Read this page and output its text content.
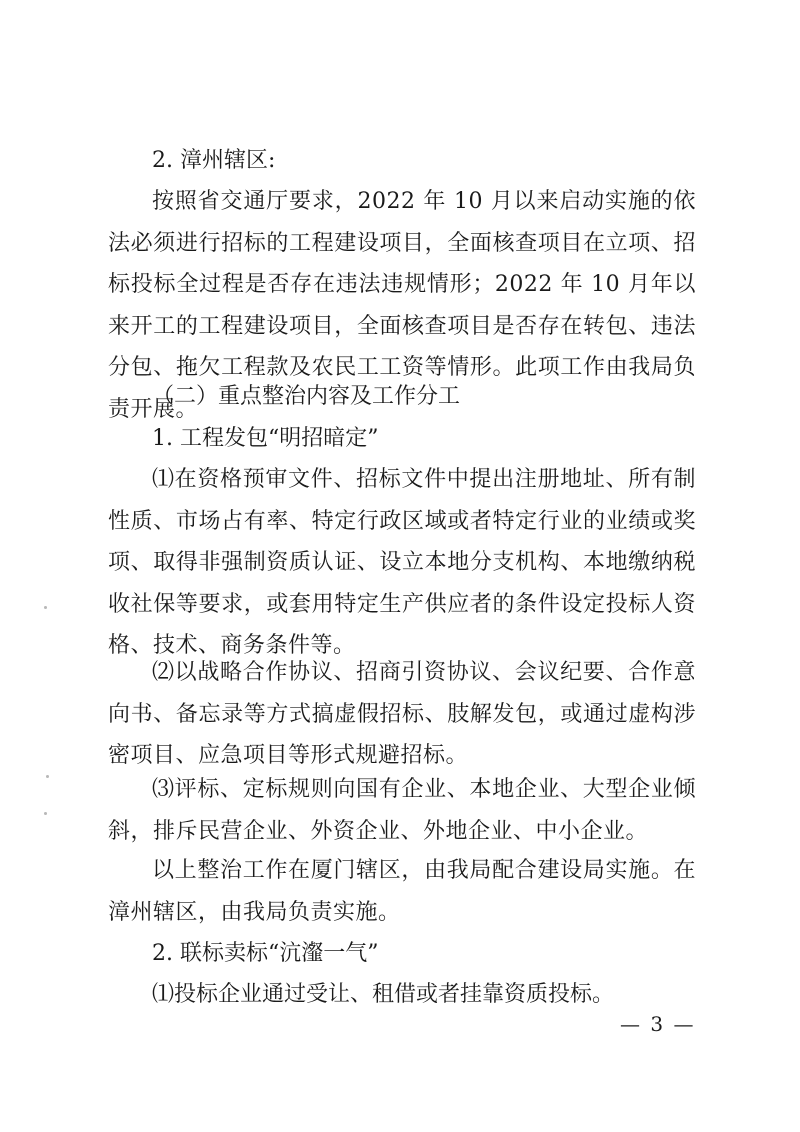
2. 漳州辖区:

按照省交通厅要求，2022 年 10 月以来启动实施的依法必须进行招标的工程建设项目，全面核查项目在立项、招标投标全过程是否存在违法违规情形；2022 年 10 月年以来开工的工程建设项目，全面核查项目是否存在转包、违法分包、拖欠工程款及农民工工资等情形。此项工作由我局负责开展。

（二）重点整治内容及工作分工

1. 工程发包“明招暗定”

⑴在资格预审文件、招标文件中提出注册地址、所有制性质、市场占有率、特定行政区域或者特定行业的业绩或奖项、取得非强制资质认证、设立本地分支机构、本地缴纳税收社保等要求，或套用特定生产供应者的条件设定投标人资格、技术、商务条件等。

⑵以战略合作协议、招商引资协议、会议纪要、合作意向书、备忘录等方式搞虚假招标、肢解发包，或通过虚构涉密项目、应急项目等形式规避招标。

⑶评标、定标规则向国有企业、本地企业、大型企业倾斜，排斥民营企业、外资企业、外地企业、中小企业。

以上整治工作在厦门辖区，由我局配合建设局实施。在漳州辖区，由我局负责实施。

2. 联标卖标“沆瀣一气”

⑴投标企业通过受让、租借或者挂靠资质投标。

— 3 —
